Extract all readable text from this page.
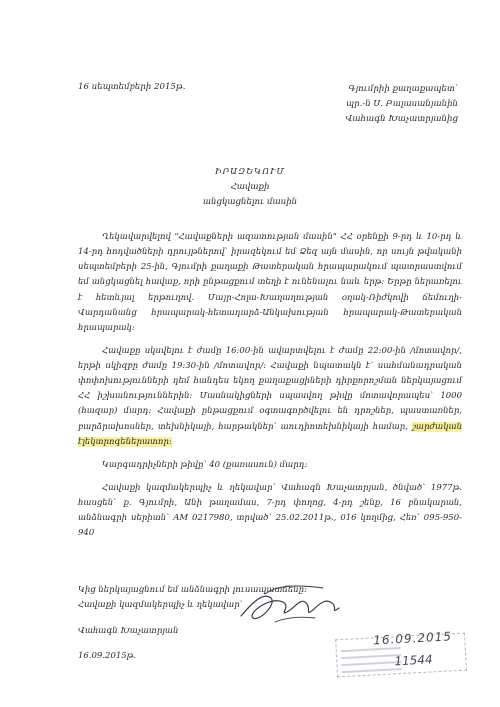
16 սեպտեմբերի 2015թ.	Գյումրիի քաղաքապետ՝
պր.-ն Ս. Բալասանյանին
Վահագն Խաչատրյանից
ԻՐԱԶԵԿՈՒՄ
Հավաքի
անցկացնելու մասին

Ղեկավարվելով "Հավաքների ազատության մասին" ՀՀ օրենքի 9-րդ և 10-րդ և 14-րդ հոդվածների դրույթներով՝ իրազեկում եմ Ձեզ այն մասին, որ սույն թվականի սեպտեմբերի 25-ին, Գյումրի քաղաքի Թատերական հրապարակում պատրաստվում եմ անցկացնել հավաք, որի ընթացքում տեղի է ունենալու նաև երթ: Երթը ներառելու է հետևյալ երթուղով. Մայր-Հոլա-Խաղաղության օղակ-Ռիժկովի ճեմուղի-Վարդանանց հրապարակ-հետադարձ-Անկախության հրապարակ-Թատերական հրապարակ:

Հավաքը սկսվելու է ժամը 16:00-ին ավարտվելու է ժամը 22:00-ին /մոտավոր/, երթի սկիզբը ժամը 19:30-ին /մոտավոր/: Հավաքի նպատակն է՝ սահմանադրական փոփոխությունների դեմ հանդես եկող քաղաքացիների դիրքորոշման ներկայացում ՀՀ իշխանություններին: Մասնակիցների սպասվող թիվը մոտավորապես՝ 1000 (հազար) մարդ: Հավաքի ընթացքում օգտագործվելու են դրոշներ, պաստառներ, բարձրախոսներ, տեխնիկայի, հարթակներ՝ աուդիոտեխնիկայի համար, շարժական էլեկտրոգեներատոր:

Կարգադրիչների թիվը՝ 40 (քառասուն) մարդ:

Հավաքի կազմակերպիչ և ղեկավար՝ Վահագն Խաչատրյան, ծնված՝ 1977թ. հասցեն՝ ք. Գյումրի, Անի թաղամաս, 7-րդ փողոց, 4-րդ շենք, 16 բնակարան, անձնագրի սերիան՝ AM 0217980, տրված՝ 25.02.2011թ., 016 կողմից, Հեռ՝ 095-950-940

Կից ներկայացնում եմ անձնագրի լուսապատճենը:
Հավաքի կազմակերպիչ և ղեկավար՝
Վահագն Խաչատրյան
16.09.2015թ.
16.09.2015
11544
